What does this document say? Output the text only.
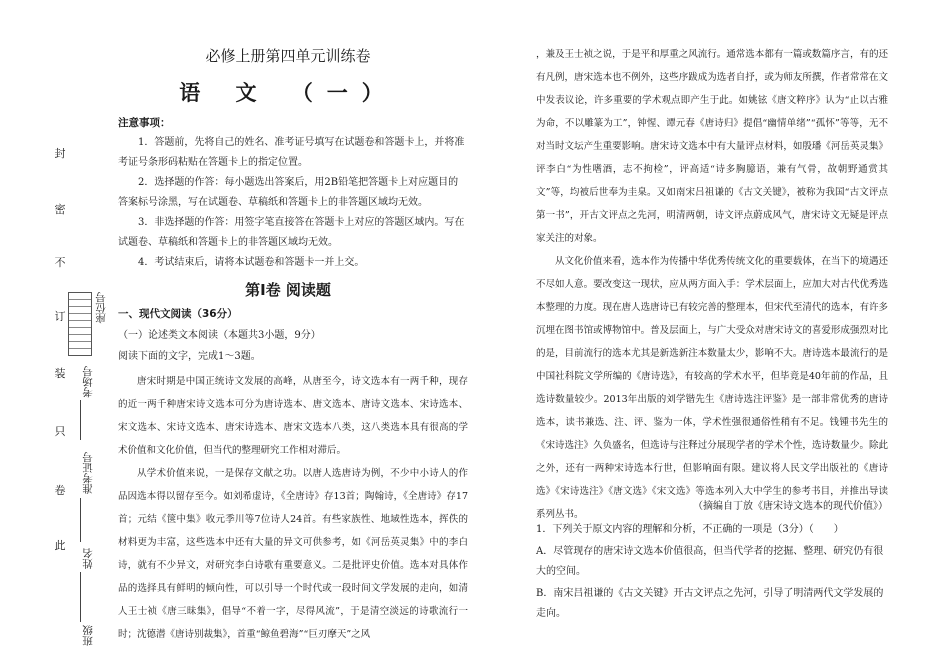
封
密
不
订
装
只
卷
此
座位号
考场号
准考证号
姓名
班级
必修上册第四单元训练卷
语 文 （一）
注意事项：

1．答题前，先将自己的姓名、准考证号填写在试题卷和答题卡上，并将准考证号条形码粘贴在答题卡上的指定位置。

2．选择题的作答：每小题选出答案后，用2B铅笔把答题卡上对应题目的答案标号涂黑，写在试题卷、草稿纸和答题卡上的非答题区域均无效。

3．非选择题的作答：用签字笔直接答在答题卡上对应的答题区域内。写在试题卷、草稿纸和答题卡上的非答题区域均无效。

4．考试结束后，请将本试题卷和答题卡一并上交。

第Ⅰ卷 阅读题
一、现代文阅读（36分）
（一）论述类文本阅读（本题共3小题，9分）
阅读下面的文字，完成1～3题。

唐宋时期是中国正统诗文发展的高峰，从唐至今，诗文选本有一两千种，现存的近一两千种唐宋诗文选本可分为唐诗选本、唐文选本、唐诗文选本、宋诗选本、宋文选本、宋诗文选本、唐宋诗选本、唐宋文选本八类，这八类选本具有很高的学术价值和文化价值，但当代的整理研究工作相对滞后。

从学术价值来说，一是保存文献之功。以唐人选唐诗为例，不少中小诗人的作品因选本得以留存至今。如刘希虚诗，《全唐诗》存13首；陶翰诗，《全唐诗》存17首；元结《箧中集》收元季川等7位诗人24首。有些家族性、地域性选本，挥佚的材料更为丰富，这些选本中还有大量的异文可供参考，如《河岳英灵集》中的李白诗，就有不少异文，对研究李白诗歌有重要意义。二是批评史价值。选本对具体作品的选择具有鲜明的倾向性，可以引导一个时代或一段时间文学发展的走向，如清人王士祯《唐三昧集》，倡导“不着一字，尽得风流”，于是清空淡远的诗歌流行一时；沈德潜《唐诗别裁集》，首重“鲸鱼碧海”“巨刃摩天”之风

，兼及王士祯之说，于是平和厚重之风流行。通常选本都有一篇或数篇序言，有的还有凡例，唐宋选本也不例外，这些序跋成为选者自抒，或为师友所撰，作者常常在文中发表议论，许多重要的学术观点即产生于此。如姚铉《唐文粹序》认为“止以古雅为命，不以雕篆为工”，钟惺、谭元春《唐诗归》提倡“幽情单绪”“孤怀”等等，无不对当时文坛产生重要影响。唐宋诗文选本中有大量评点材料，如殷璠《河岳英灵集》评李白“为性嗜酒，志不拘检”，评高适“诗多胸臆语，兼有气骨，故朝野通赏其文”等，均被后世奉为圭臬。又如南宋吕祖谦的《古文关键》，被称为我国“古文评点第一书”，开古文评点之先河，明清两朝，诗文评点蔚成风气，唐宋诗文无疑是评点家关注的对象。

从文化价值来看，选本作为传播中华优秀传统文化的重要载体，在当下的境遇还不尽如人意。要改变这一现状，应从两方面入手：学术层面上，应加大对古代优秀选本整理的力度。现在唐人选唐诗已有较完善的整理本，但宋代至清代的选本，有许多沉埋在图书馆或博物馆中。普及层面上，与广大受众对唐宋诗文的喜爱形成强烈对比的是，目前流行的选本尤其是新选新注本数量太少，影响不大。唐诗选本最流行的是中国社科院文学所编的《唐诗选》，有较高的学术水平，但毕竟是40年前的作品，且选诗数量较少。2013年出版的刘学锴先生《唐诗选注评鉴》是一部非常优秀的唐诗选本，读书兼选、注、评、鉴为一体，学术性强很通俗性稍有不足。钱锺书先生的《宋诗选注》久负盛名，但选诗与注释过分展现学者的学术个性，选诗数量少。除此之外，还有一两种宋诗选本行世，但影响面有限。建议将人民文学出版社的《唐诗选》《宋诗选注》《唐文选》《宋文选》等选本列入大中学生的参考书目，并推出导读系列丛书。

（摘编自丁放《唐宋诗文选本的现代价值》）

1．下列关于原文内容的理解和分析，不正确的一项是（3分）（　　）

A．尽管现存的唐宋诗文选本价值很高，但当代学者的挖掘、整理、研究仍有很大的空间。

B．南宋吕祖谦的《古文关键》开古文评点之先河，引导了明清两代文学发展的走向。
